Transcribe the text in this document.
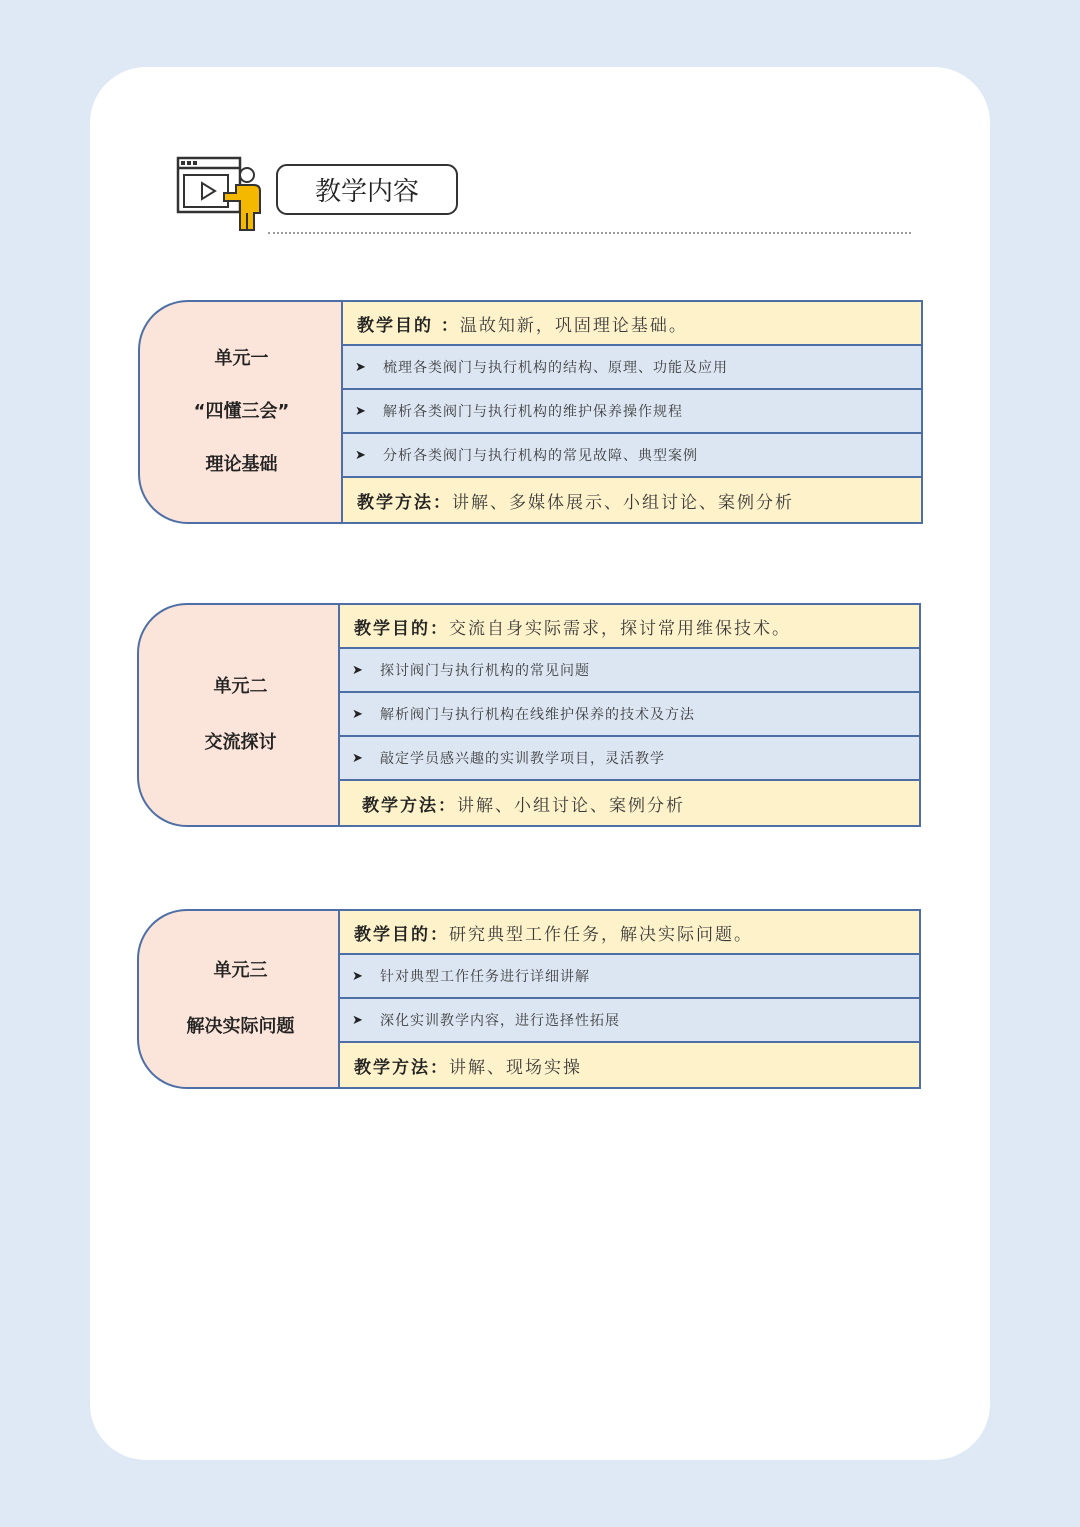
教学内容
单元一
“四懂三会”
理论基础
教学目的 ： 温故知新，巩固理论基础。
➤	梳理各类阀门与执行机构的结构、原理、功能及应用
➤	解析各类阀门与执行机构的维护保养操作规程
➤	分析各类阀门与执行机构的常见故障、典型案例
教学方法： 讲解、多媒体展示、小组讨论、案例分析
单元二
交流探讨
教学目的： 交流自身实际需求，探讨常用维保技术。
➤	探讨阀门与执行机构的常见问题
➤	解析阀门与执行机构在线维护保养的技术及方法
➤	敲定学员感兴趣的实训教学项目，灵活教学
教学方法： 讲解、小组讨论、案例分析
单元三
解决实际问题
教学目的： 研究典型工作任务，解决实际问题。
➤	针对典型工作任务进行详细讲解
➤	深化实训教学内容，进行选择性拓展
教学方法： 讲解、现场实操
